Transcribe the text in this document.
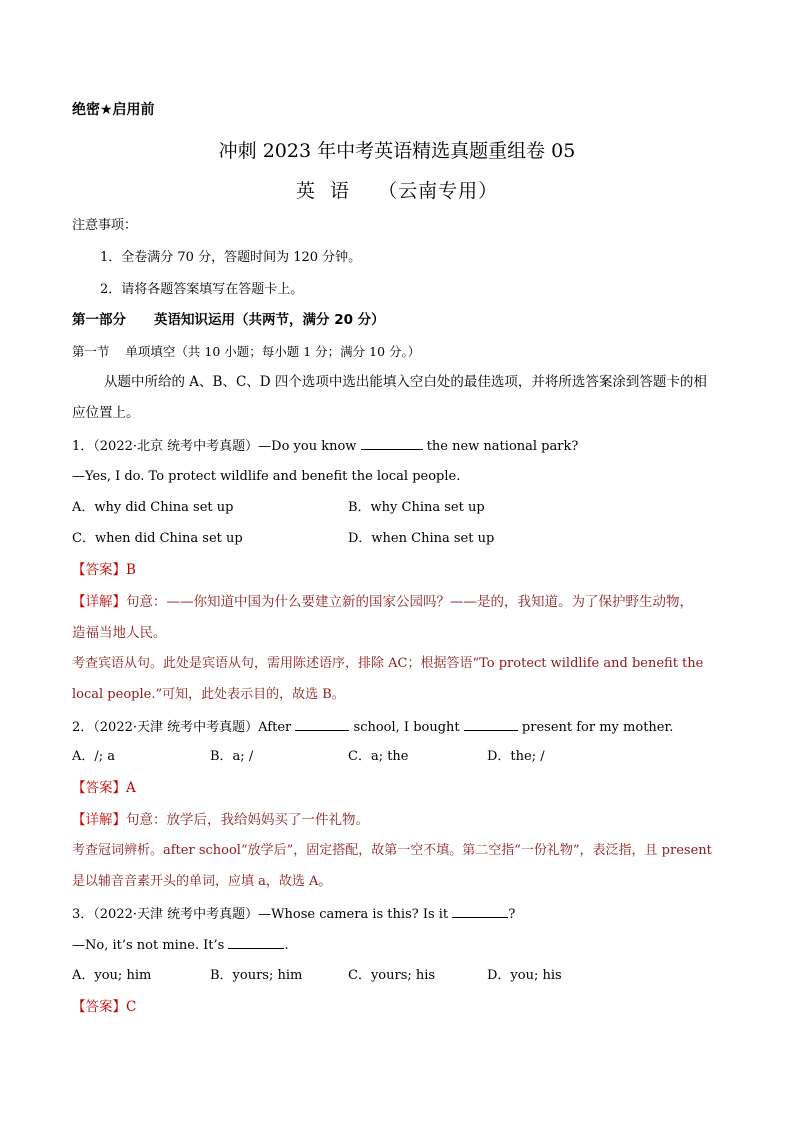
绝密★启用前
冲刺 2023 年中考英语精选真题重组卷 05
英  语    （云南专用）
注意事项：
1．全卷满分 70 分，答题时间为 120 分钟。
2．请将各题答案填写在答题卡上。
第一部分 英语知识运用（共两节，满分 20 分）
第一节    单项填空（共 10 小题；每小题 1 分；满分 10 分。）
从题中所给的 A、B、C、D 四个选项中选出能填入空白处的最佳选项，并将所选答案涂到答题卡的相
应位置上。
1．（2022·北京 统考中考真题）—Do you know	the new national park?
—Yes, I do. To protect wildlife and benefit the local people.
A．why did China set up	B．why China set up
C．when did China set up	D．when China set up
【答案】B
【详解】句意：——你知道中国为什么要建立新的国家公园吗？——是的，我知道。为了保护野生动物，
造福当地人民。
考查宾语从句。此处是宾语从句，需用陈述语序，排除 AC；根据答语“To protect wildlife and benefit the
local people.”可知，此处表示目的，故选 B。
2．（2022·天津 统考中考真题）After	school, I bought	present for my mother.
A．/; a	B．a; /	C．a; the	D．the; /
【答案】A
【详解】句意：放学后，我给妈妈买了一件礼物。
考查冠词辨析。after school“放学后”，固定搭配，故第一空不填。第二空指“一份礼物”，表泛指，且 present
是以辅音音素开头的单词，应填 a，故选 A。
3．（2022·天津 统考中考真题）—Whose camera is this? Is it	?
—No, it’s not mine. It’s	.
A．you; him	B．yours; him	C．yours; his	D．you; his
【答案】C
